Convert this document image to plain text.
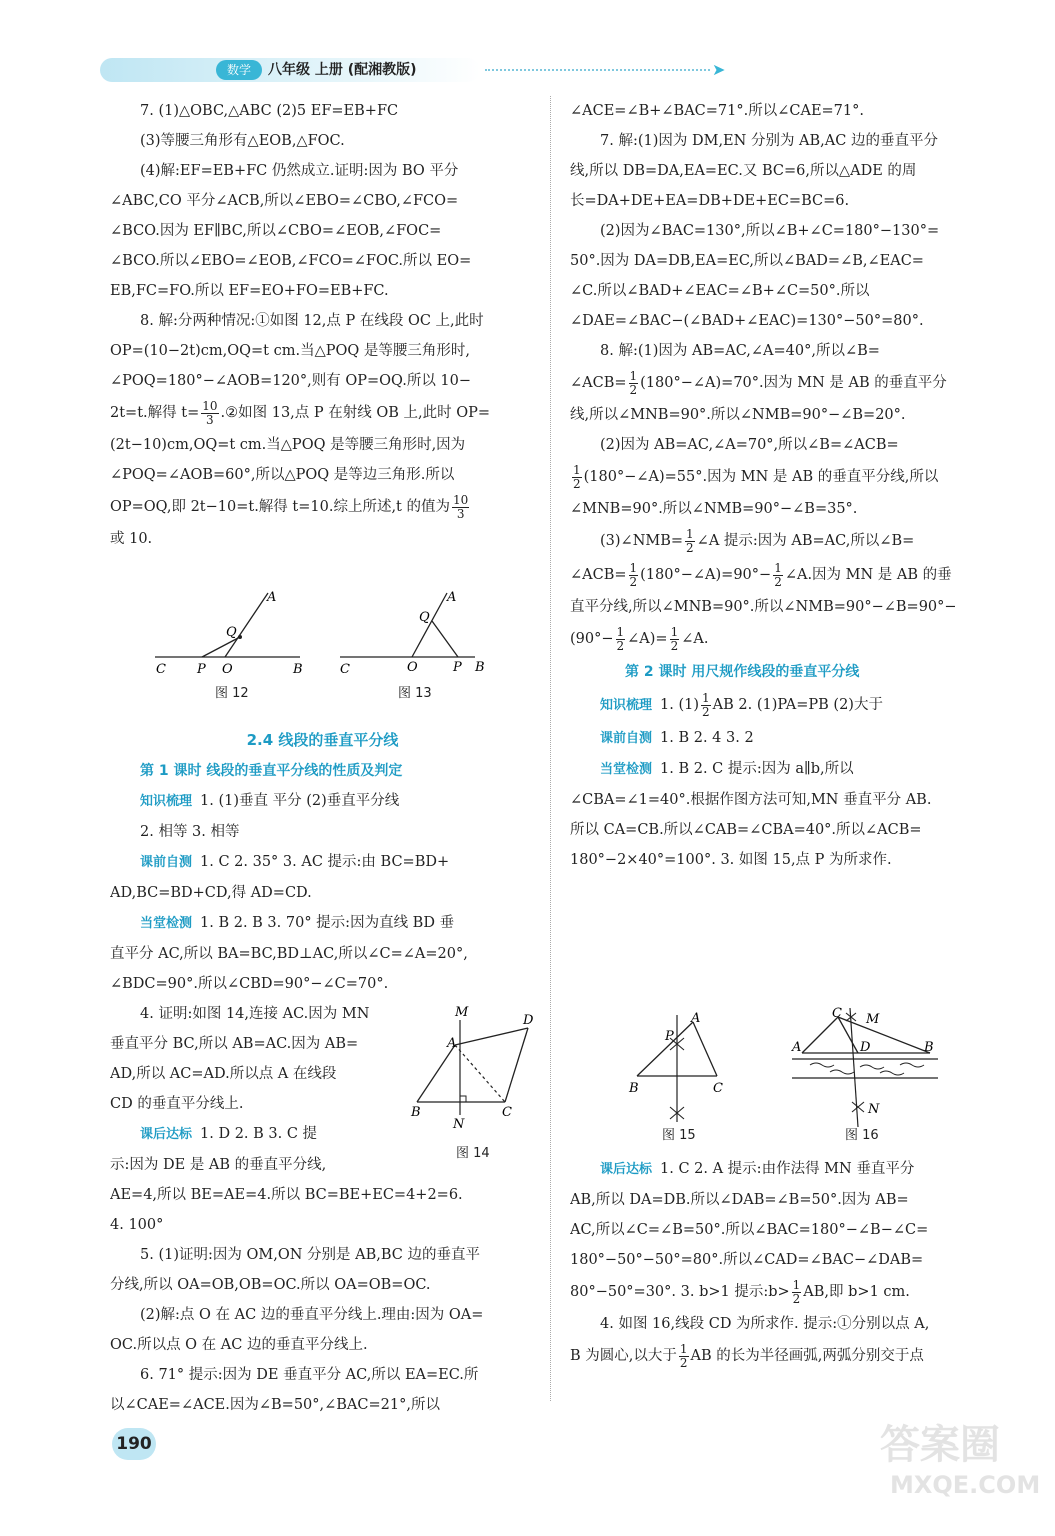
数学	八年级 上册 (配湘教版)	➤
7. (1)△OBC,△ABC (2)5 EF=EB+FC
(3)等腰三角形有△EOB,△FOC.
(4)解:EF=EB+FC 仍然成立.证明:因为 BO 平分
∠ABC,CO 平分∠ACB,所以∠EBO=∠CBO,∠FCO=
∠BCO.因为 EF∥BC,所以∠CBO=∠EOB,∠FOC=
∠BCO.所以∠EBO=∠EOB,∠FCO=∠FOC.所以 EO=
EB,FC=FO.所以 EF=EO+FO=EB+FC.
8. 解:分两种情况:①如图 12,点 P 在线段 OC 上,此时
OP=(10−2t)cm,OQ=t cm.当△POQ 是等腰三角形时,
∠POQ=180°−∠AOB=120°,则有 OP=OQ.所以 10−
2t=t.解得 $t= \frac{10}{3}$ .②如图 13,点 P 在射线 OB 上,此时 OP=
(2t−10)cm,OQ=t cm.当△POQ 是等腰三角形时,因为
∠POQ=∠AOB=60°,所以△POQ 是等边三角形.所以
OP=OQ,即 2t−10=t.解得 t=10.综上所述,t 的值为 $\frac{10}{3}$
或 10.
A
Q
C P O	B
图 12
A
Q
C	O	P B
图 13
2.4 线段的垂直平分线
第 1 课时 线段的垂直平分线的性质及判定
知识梳理 1. (1)垂直 平分 (2)垂直平分线
2. 相等 3. 相等
课前自测 1. C 2. 35° 3. AC 提示:由 BC=BD+
AD,BC=BD+CD,得 AD=CD.
当堂检测 1. B 2. B 3. 70° 提示:因为直线 BD 垂
直平分 AC,所以 BA=BC,BD⊥AC,所以∠C=∠A=20°,
∠BDC=90°.所以∠CBD=90°−∠C=70°.
4. 证明:如图 14,连接 AC.因为 MN
垂直平分 BC,所以 AB=AC.因为 AB=
AD,所以 AC=AD.所以点 A 在线段
CD 的垂直平分线上.
课后达标 1. D 2. B 3. C 提
示:因为 DE 是 AB 的垂直平分线,
AE=4,所以 BE=AE=4.所以 BC=BE+EC=4+2=6.
4. 100°
5. (1)证明:因为 OM,ON 分别是 AB,BC 边的垂直平
分线,所以 OA=OB,OB=OC.所以 OA=OB=OC.
(2)解:点 O 在 AC 边的垂直平分线上.理由:因为 OA=
OC.所以点 O 在 AC 边的垂直平分线上.
6. 71° 提示:因为 DE 垂直平分 AC,所以 EA=EC.所
以∠CAE=∠ACE.因为∠B=50°,∠BAC=21°,所以
M
D
A
B
N
C
图 14
∠ACE=∠B+∠BAC=71°.所以∠CAE=71°.
7. 解:(1)因为 DM,EN 分别为 AB,AC 边的垂直平分
线,所以 DB=DA,EA=EC.又 BC=6,所以△ADE 的周
长=DA+DE+EA=DB+DE+EC=BC=6.
(2)因为∠BAC=130°,所以∠B+∠C=180°−130°=
50°.因为 DA=DB,EA=EC,所以∠BAD=∠B,∠EAC=
∠C.所以∠BAD+∠EAC=∠B+∠C=50°.所以
∠DAE=∠BAC−(∠BAD+∠EAC)=130°−50°=80°.
8. 解:(1)因为 AB=AC,∠A=40°,所以∠B=
∠ACB= $\frac{1}{2}$ (180°−∠A)=70°.因为 MN 是 AB 的垂直平分
线,所以∠MNB=90°.所以∠NMB=90°−∠B=20°.
(2)因为 AB=AC,∠A=70°,所以∠B=∠ACB=
$\frac{1}{2}$ (180°−∠A)=55°.因为 MN 是 AB 的垂直平分线,所以
∠MNB=90°.所以∠NMB=90°−∠B=35°.
(3)∠NMB= $\frac{1}{2}$ ∠A 提示:因为 AB=AC,所以∠B=
∠ACB= $\frac{1}{2}$ (180°−∠A)=90°− $\frac{1}{2}$ ∠A.因为 MN 是 AB 的垂
直平分线,所以∠MNB=90°.所以∠NMB=90°−∠B=90°−
($90^\circ- \frac{1}{2}$ ∠A)= $\frac{1}{2}$ ∠A.
第 2 课时 用尺规作线段的垂直平分线
知识梳理 1. $(1) \frac{1}{2}$ AB 2. (1)PA=PB (2)大于
课前自测 1. B 2. 4 3. 2
当堂检测 1. B 2. C 提示:因为 a∥b,所以
∠CBA=∠1=40°.根据作图方法可知,MN 垂直平分 AB.
所以 CA=CB.所以∠CAB=∠CBA=40°.所以∠ACB=
180°−2×40°=100°. 3. 如图 15,点 P 为所求作.
A
P
B	C
图 15
C M
A	D	B
N
图 16
课后达标 1. C 2. A 提示:由作法得 MN 垂直平分
AB,所以 DA=DB.所以∠DAB=∠B=50°.因为 AB=
AC,所以∠C=∠B=50°.所以∠BAC=180°−∠B−∠C=
180°−50°−50°=80°.所以∠CAD=∠BAC−∠DAB=
80°−50°=30°. 3. b>1 提示:b> $\frac{1}{2}$ AB,即 b>1 cm.
4. 如图 16,线段 CD 为所求作. 提示:①分别以点 A,
B 为圆心,以大于 $\frac{1}{2}$ AB 的长为半径画弧,两弧分别交于点
190	答案圈
MXQE.COM
